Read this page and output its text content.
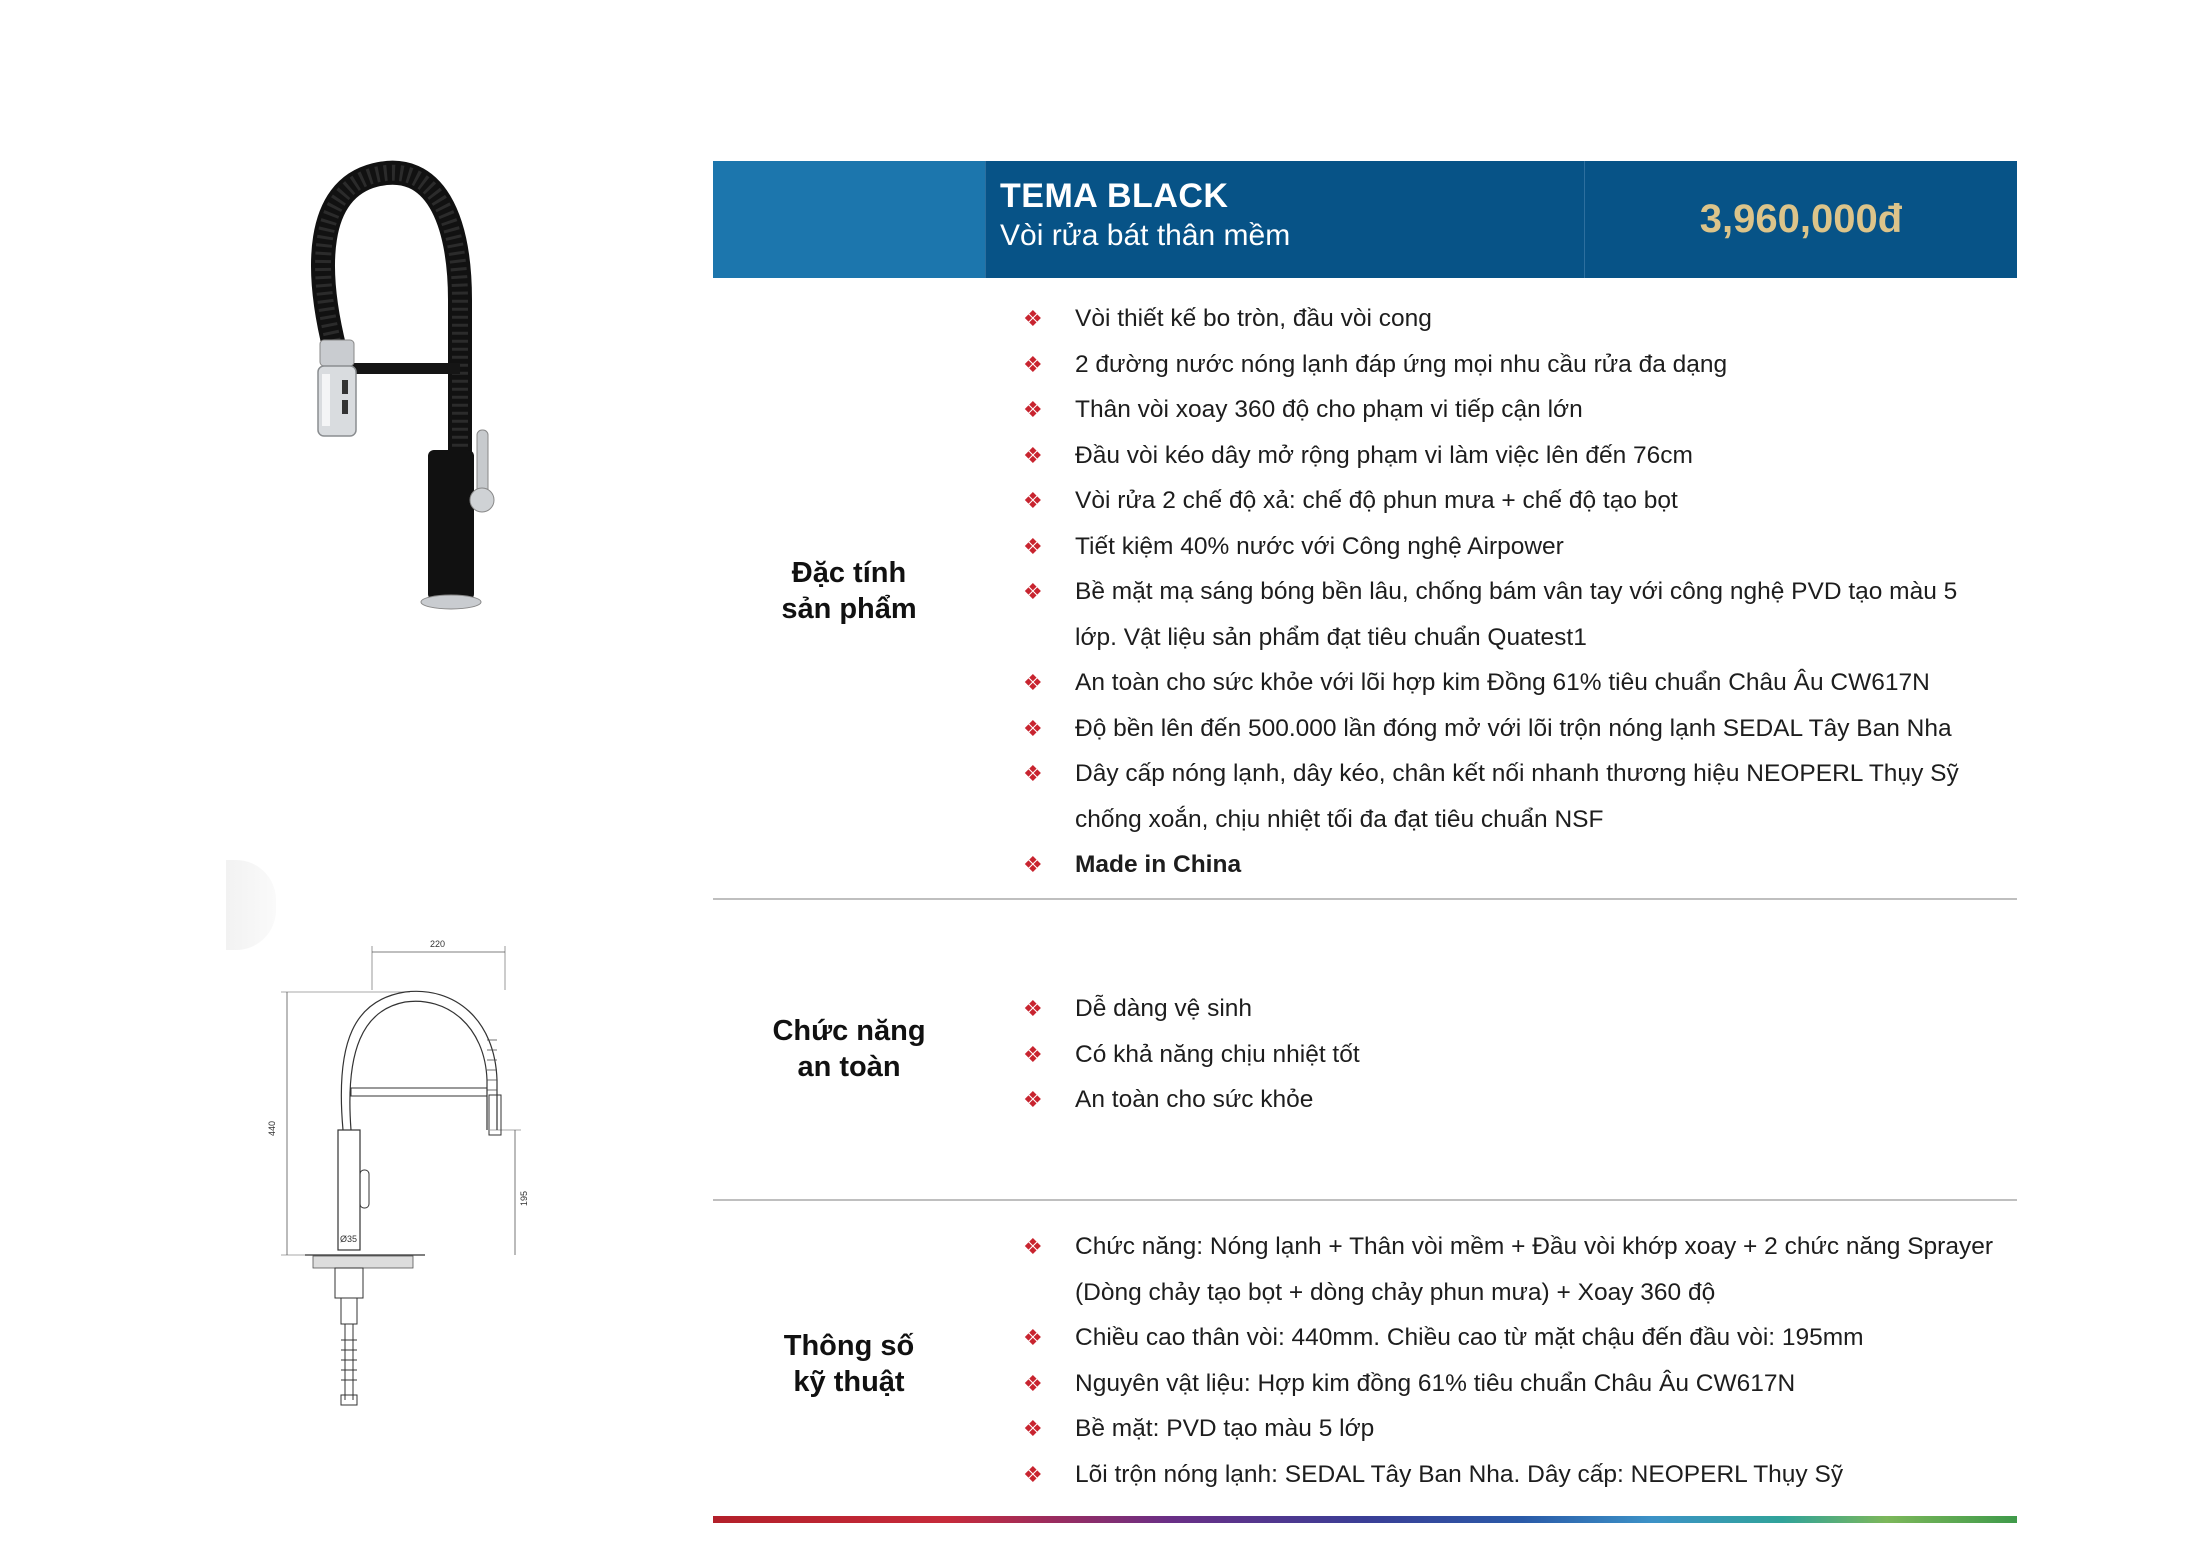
220
440
195
Ø35
TEMA BLACK
Vòi rửa bát thân mềm	3,960,000đ
Đặc tính
sản phẩm
❖ Vòi thiết kế bo tròn, đầu vòi cong
❖ 2 đường nước nóng lạnh đáp ứng mọi nhu cầu rửa đa dạng
❖ Thân vòi xoay 360 độ cho phạm vi tiếp cận lớn
❖ Đầu vòi kéo dây mở rộng phạm vi làm việc lên đến 76cm
❖ Vòi rửa 2 chế độ xả: chế độ phun mưa + chế độ tạo bọt
❖ Tiết kiệm 40% nước với Công nghệ Airpower
❖ Bề mặt mạ sáng bóng bền lâu, chống bám vân tay với công nghệ PVD tạo màu 5 lớp. Vật liệu sản phẩm đạt tiêu chuẩn Quatest1
❖ An toàn cho sức khỏe với lõi hợp kim Đồng 61% tiêu chuẩn Châu Âu CW617N
❖ Độ bền lên đến 500.000 lần đóng mở với lõi trộn nóng lạnh SEDAL Tây Ban Nha
❖ Dây cấp nóng lạnh, dây kéo, chân kết nối nhanh thương hiệu NEOPERL Thụy Sỹ chống xoắn, chịu nhiệt tối đa đạt tiêu chuẩn NSF
❖ Made in China
Chức năng
an toàn
❖ Dễ dàng vệ sinh
❖ Có khả năng chịu nhiệt tốt
❖ An toàn cho sức khỏe
Thông số
kỹ thuật
❖ Chức năng: Nóng lạnh + Thân vòi mềm + Đầu vòi khớp xoay + 2 chức năng Sprayer (Dòng chảy tạo bọt + dòng chảy phun mưa) + Xoay 360 độ
❖ Chiều cao thân vòi: 440mm. Chiều cao từ mặt chậu đến đầu vòi: 195mm
❖ Nguyên vật liệu: Hợp kim đồng 61% tiêu chuẩn Châu Âu CW617N
❖ Bề mặt: PVD tạo màu 5 lớp
❖ Lõi trộn nóng lạnh: SEDAL Tây Ban Nha. Dây cấp: NEOPERL Thụy Sỹ
